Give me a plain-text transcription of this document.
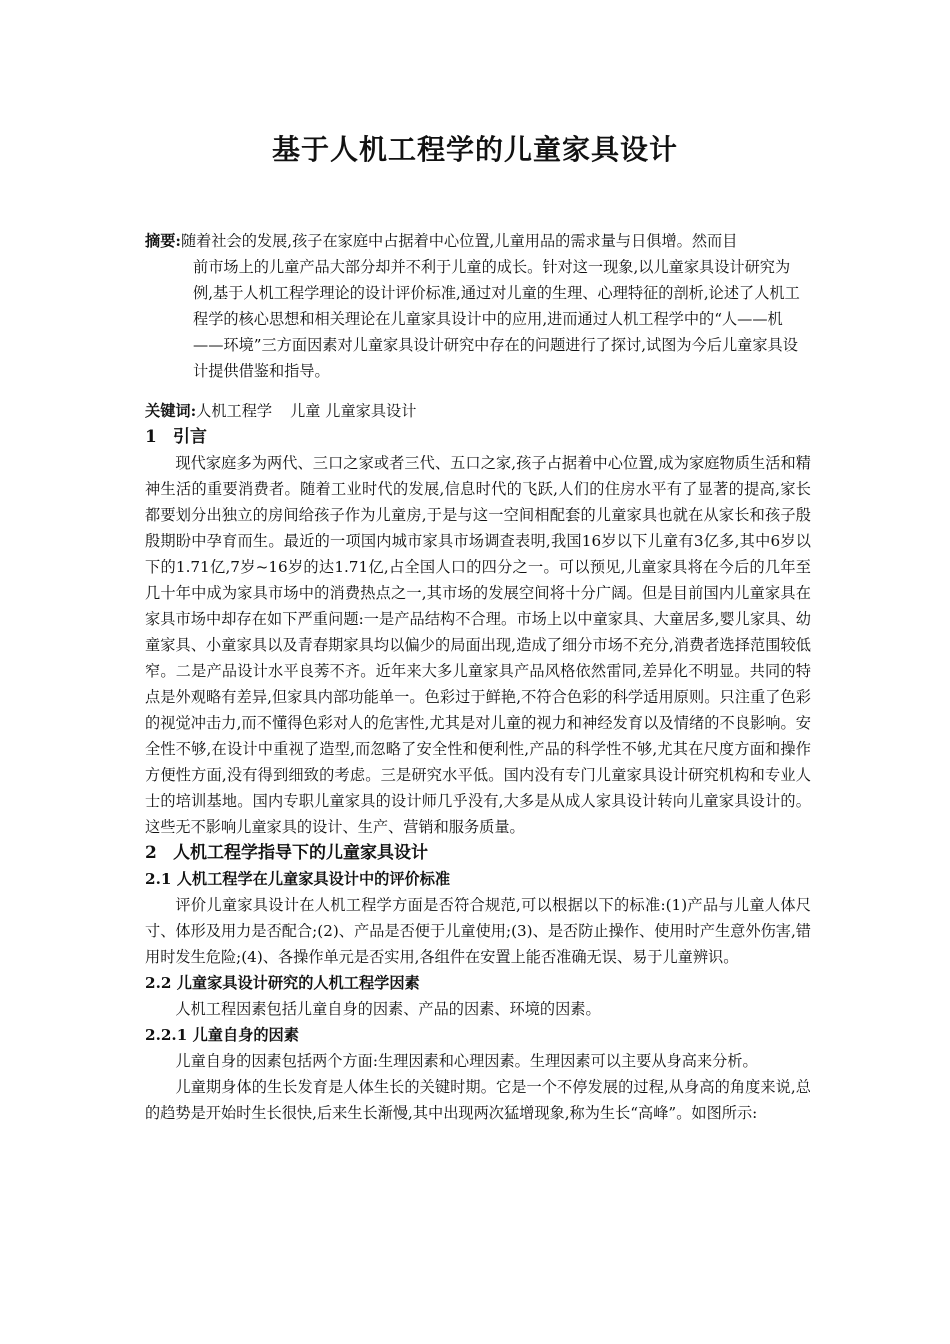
基于人机工程学的儿童家具设计

摘要:随着社会的发展,孩子在家庭中占据着中心位置,儿童用品的需求量与日俱增。然而目

前市场上的儿童产品大部分却并不利于儿童的成长。针对这一现象,以儿童家具设计研究为例,基于人机工程学理论的设计评价标准,通过对儿童的生理、心理特征的剖析,论述了人机工程学的核心思想和相关理论在儿童家具设计中的应用,进而通过人机工程学中的“人——机——环境”三方面因素对儿童家具设计研究中存在的问题进行了探讨,试图为今后儿童家具设计提供借鉴和指导。

关键词:人机工程学 儿童 儿童家具设计
1 引言

现代家庭多为两代、三口之家或者三代、五口之家,孩子占据着中心位置,成为家庭物质生活和精神生活的重要消费者。随着工业时代的发展,信息时代的飞跃,人们的住房水平有了显著的提高,家长都要划分出独立的房间给孩子作为儿童房,于是与这一空间相配套的儿童家具也就在从家长和孩子殷殷期盼中孕育而生。最近的一项国内城市家具市场调查表明,我国16岁以下儿童有3亿多,其中6岁以下的1.71亿,7岁~16岁的达1.71亿,占全国人口的四分之一。可以预见,儿童家具将在今后的几年至几十年中成为家具市场中的消费热点之一,其市场的发展空间将十分广阔。但是目前国内儿童家具在家具市场中却存在如下严重问题:一是产品结构不合理。市场上以中童家具、大童居多,婴儿家具、幼童家具、小童家具以及青春期家具均以偏少的局面出现,造成了细分市场不充分,消费者选择范围较低窄。二是产品设计水平良莠不齐。近年来大多儿童家具产品风格依然雷同,差异化不明显。共同的特点是外观略有差异,但家具内部功能单一。色彩过于鲜艳,不符合色彩的科学适用原则。只注重了色彩的视觉冲击力,而不懂得色彩对人的危害性,尤其是对儿童的视力和神经发育以及情绪的不良影响。安全性不够,在设计中重视了造型,而忽略了安全性和便利性,产品的科学性不够,尤其在尺度方面和操作方便性方面,没有得到细致的考虑。三是研究水平低。国内没有专门儿童家具设计研究机构和专业人士的培训基地。国内专职儿童家具的设计师几乎没有,大多是从成人家具设计转向儿童家具设计的。这些无不影响儿童家具的设计、生产、营销和服务质量。

2 人机工程学指导下的儿童家具设计
2.1 人机工程学在儿童家具设计中的评价标准

评价儿童家具设计在人机工程学方面是否符合规范,可以根据以下的标准:(1)产品与儿童人体尺寸、体形及用力是否配合;(2)、产品是否便于儿童使用;(3)、是否防止操作、使用时产生意外伤害,错用时发生危险;(4)、各操作单元是否实用,各组件在安置上能否准确无误、易于儿童辨识。

2.2 儿童家具设计研究的人机工程学因素

人机工程因素包括儿童自身的因素、产品的因素、环境的因素。

2.2.1 儿童自身的因素

儿童自身的因素包括两个方面:生理因素和心理因素。生理因素可以主要从身高来分析。

儿童期身体的生长发育是人体生长的关键时期。它是一个不停发展的过程,从身高的角度来说,总的趋势是开始时生长很快,后来生长渐慢,其中出现两次猛增现象,称为生长“高峰”。如图所示:
